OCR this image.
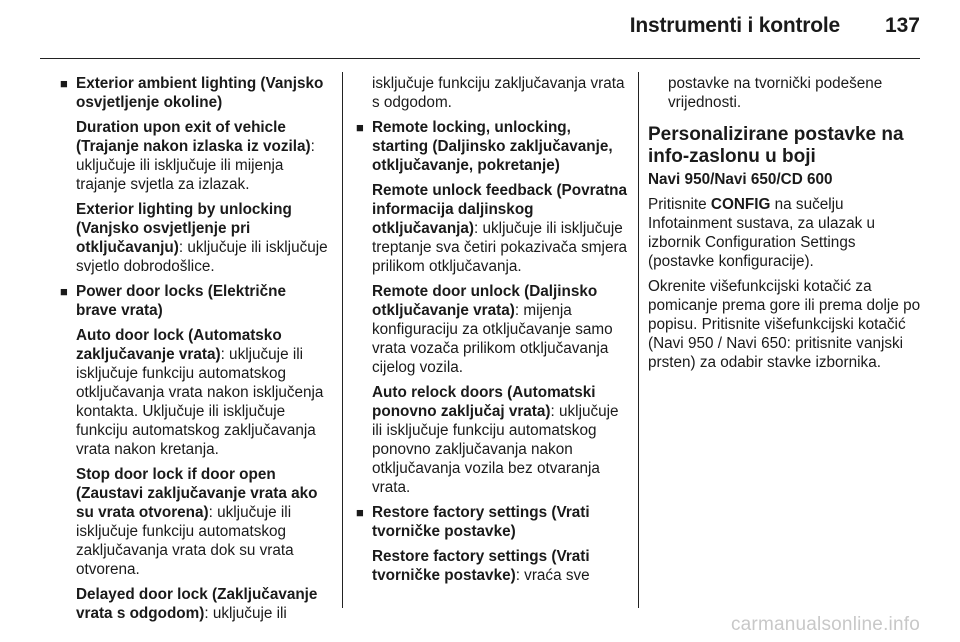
Instrumenti i kontrole 137
■ Exterior ambient lighting (Vanjsko osvjetljenje okoline)
Duration upon exit of vehicle (Trajanje nakon izlaska iz vozila): uključuje ili isključuje ili mijenja trajanje svjetla za izlazak.
Exterior lighting by unlocking (Vanjsko osvjetljenje pri otključavanju): uključuje ili isključuje svjetlo dobrodošlice.
■ Power door locks (Električne brave vrata)
Auto door lock (Automatsko zaključavanje vrata): uključuje ili isključuje funkciju automatskog otključavanja vrata nakon isključenja kontakta. Uključuje ili isključuje funkciju automatskog zaključavanja vrata nakon kretanja.
Stop door lock if door open (Zaustavi zaključavanje vrata ako su vrata otvorena): uključuje ili isključuje funkciju automatskog zaključavanja vrata dok su vrata otvorena.
Delayed door lock (Zaključavanje vrata s odgodom): uključuje ili
isključuje funkciju zaključavanja vrata s odgodom.
■ Remote locking, unlocking, starting (Daljinsko zaključavanje, otključavanje, pokretanje)
Remote unlock feedback (Povratna informacija daljinskog otključavanja): uključuje ili isključuje treptanje sva četiri pokazivača smjera prilikom otključavanja.
Remote door unlock (Daljinsko otključavanje vrata): mijenja konfiguraciju za otključavanje samo vrata vozača prilikom otključavanja cijelog vozila.
Auto relock doors (Automatski ponovno zaključaj vrata): uključuje ili isključuje funkciju automatskog ponovno zaključavanja nakon otključavanja vozila bez otvaranja vrata.
■ Restore factory settings (Vrati tvorničke postavke)
Restore factory settings (Vrati tvorničke postavke): vraća sve
postavke na tvornički podešene vrijednosti.
Personalizirane postavke na info-zaslonu u boji
Navi 950/Navi 650/CD 600
Pritisnite CONFIG na sučelju Infotainment sustava, za ulazak u izbornik Configuration Settings (postavke konfiguracije).
Okrenite višefunkcijski kotačić za pomicanje prema gore ili prema dolje po popisu. Pritisnite višefunkcijski kotačić (Navi 950 / Navi 650: pritisnite vanjski prsten) za odabir stavke izbornika.
carmanualsonline.info
